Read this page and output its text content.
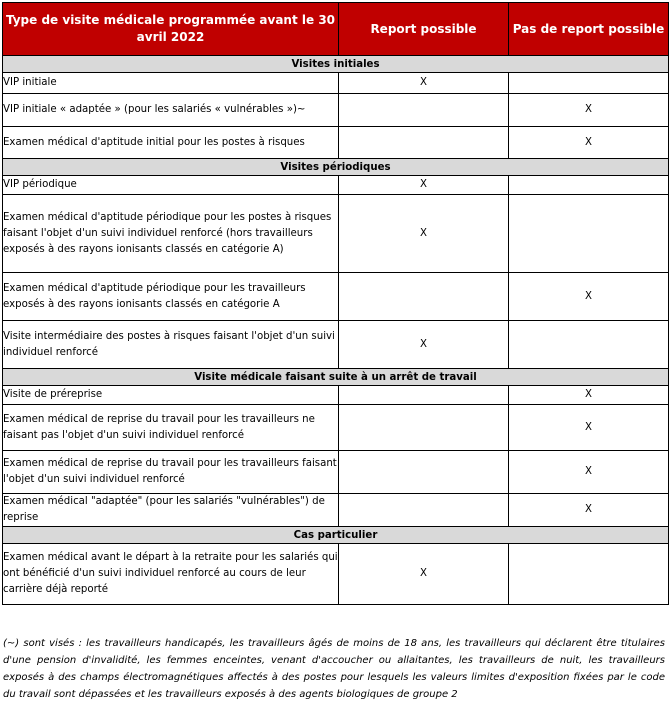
Type de visite médicale programmée avant le 30 avril 2022	Report possible	Pas de report possible
Visites initiales		
VIP initiale	X	
VIP initiale « adaptée » (pour les salariés « vulnérables »)~		X
Examen médical d'aptitude initial pour les postes à risques		X
Visites périodiques		
VIP périodique	X	
Examen médical d'aptitude périodique pour les postes à risques faisant l'objet d'un suivi individuel renforcé (hors travailleurs exposés à des rayons ionisants classés en catégorie A)	X	
Examen médical d'aptitude périodique pour les travailleurs exposés à des rayons ionisants classés en catégorie A		X
Visite intermédiaire des postes à risques faisant l'objet d'un suivi individuel renforcé	X	
Visite médicale faisant suite à un arrêt de travail		
Visite de préreprise		X
Examen médical de reprise du travail pour les travailleurs ne faisant pas l'objet d'un suivi individuel renforcé		X
Examen médical de reprise du travail pour les travailleurs faisant l'objet d'un suivi individuel renforcé		X
Examen médical "adaptée" (pour les salariés "vulnérables") de reprise		X
Cas particulier		
Examen médical avant le départ à la retraite pour les salariés qui ont bénéficié d'un suivi individuel renforcé au cours de leur carrière déjà reporté	X	
(~) sont visés : les travailleurs handicapés, les travailleurs âgés de moins de 18 ans, les travailleurs qui déclarent être titulaires d'une pension d'invalidité, les femmes enceintes, venant d'accoucher ou allaitantes, les travailleurs de nuit, les travailleurs exposés à des champs électromagnétiques affectés à des postes pour lesquels les valeurs limites d'exposition fixées par le code du travail sont dépassées et les travailleurs exposés à des agents biologiques de groupe 2
